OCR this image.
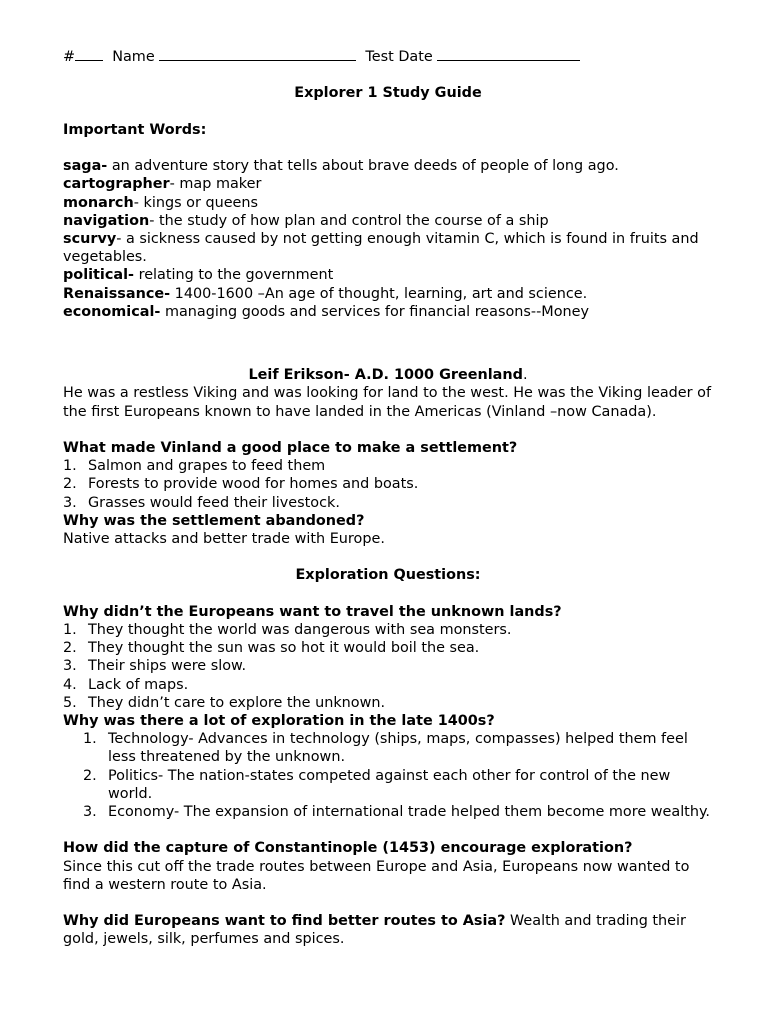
#	Name	Test Date

Explorer 1 Study Guide

Important Words:

saga- an adventure story that tells about brave deeds of people of long ago.

cartographer- map maker

monarch- kings or queens

navigation- the study of how plan and control the course of a ship

scurvy- a sickness caused by not getting enough vitamin C, which is found in fruits and vegetables.

political- relating to the government

Renaissance- 1400-1600 –An age of thought, learning, art and science.

economical- managing goods and services for financial reasons--Money

Leif Erikson- A.D. 1000 Greenland.

He was a restless Viking and was looking for land to the west. He was the Viking leader of the first Europeans known to have landed in the Americas (Vinland –now Canada).

What made Vinland a good place to make a settlement?

1. Salmon and grapes to feed them
2. Forests to provide wood for homes and boats.
3. Grasses would feed their livestock.

Why was the settlement abandoned?

Native attacks and better trade with Europe.

Exploration Questions:

Why didn’t the Europeans want to travel the unknown lands?

1. They thought the world was dangerous with sea monsters.
2. They thought the sun was so hot it would boil the sea.
3. Their ships were slow.
4. Lack of maps.
5. They didn’t care to explore the unknown.

Why was there a lot of exploration in the late 1400s?

1. Technology- Advances in technology (ships, maps, compasses) helped them feel less threatened by the unknown.
2. Politics- The nation-states competed against each other for control of the new world.
3. Economy- The expansion of international trade helped them become more wealthy.

How did the capture of Constantinople (1453) encourage exploration?

Since this cut off the trade routes between Europe and Asia, Europeans now wanted to find a western route to Asia.

Why did Europeans want to find better routes to Asia? Wealth and trading their gold, jewels, silk, perfumes and spices.
